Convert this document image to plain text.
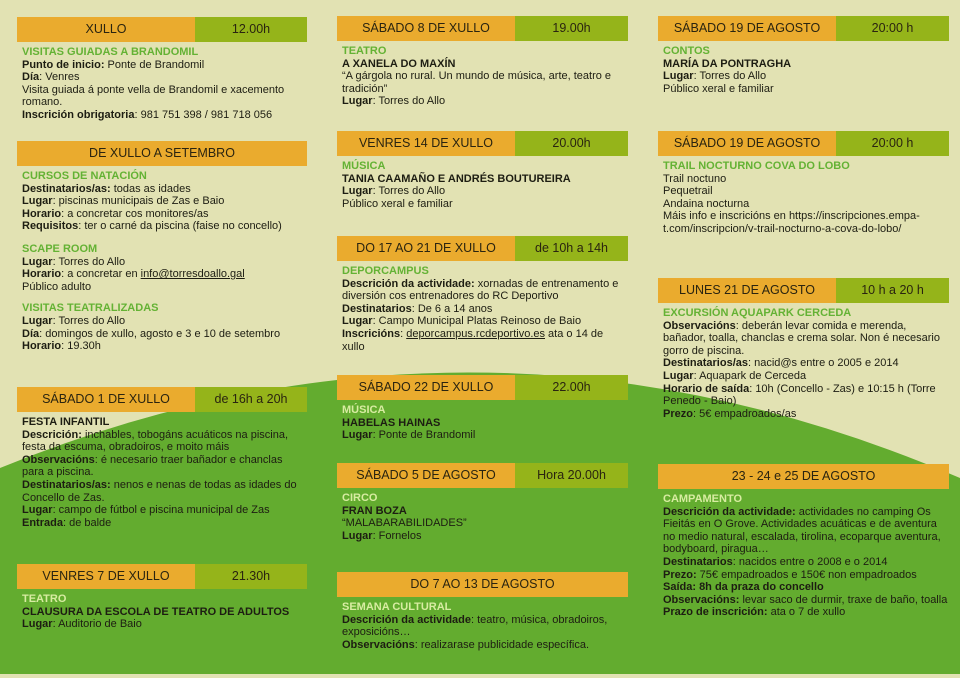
XULLO	12.00h
VISITAS GUIADAS A BRANDOMIL
Punto de inicio: Ponte de Brandomil
Día: Venres
Visita guiada á ponte vella de Brandomil e xacemento romano.
Inscrición obrigatoria: 981 751 398 / 981 718 056
DE XULLO A SETEMBRO
CURSOS DE NATACIÓN
Destinatarios/as: todas as idades
Lugar: piscinas municipais de Zas e Baio
Horario: a concretar cos monitores/as
Requisitos: ter o carné da piscina (faise no concello)
SCAPE ROOM
Lugar: Torres do Allo
Horario: a concretar en info@torresdoallo.gal
Público adulto
VISITAS TEATRALIZADAS
Lugar: Torres do Allo
Día: domingos de xullo, agosto e 3 e 10 de setembro
Horario: 19.30h
SÁBADO 1 DE XULLO	de 16h a 20h
FESTA INFANTIL
Descrición: inchables, tobogáns acuáticos na piscina, festa da escuma, obradoiros, e moito máis
Observacións: é necesario traer bañador e chanclas para a piscina.
Destinatarios/as: nenos e nenas de todas as idades do Concello de Zas.
Lugar: campo de fútbol e piscina municipal de Zas
Entrada: de balde
VENRES 7 DE XULLO	21.30h
TEATRO
CLAUSURA DA ESCOLA DE TEATRO DE ADULTOS
Lugar: Auditorio de Baio
SÁBADO 8 DE XULLO	19.00h
TEATRO
A XANELA DO MAXÍN
“A gárgola no rural. Un mundo de música, arte, teatro e tradición”
Lugar: Torres do Allo
VENRES 14 DE XULLO	20.00h
MÚSICA
TANIA CAAMAÑO E ANDRÉS BOUTUREIRA
Lugar: Torres do Allo
Público xeral e familiar
DO 17 AO 21 DE XULLO	de 10h a 14h
DEPORCAMPUS
Descrición da actividade: xornadas de entrenamento e diversión cos entrenadores do RC Deportivo
Destinatarios: De 6 a 14 anos
Lugar: Campo Municipal Platas Reinoso de Baio
Inscricións: deporcampus.rcdeportivo.es ata o 14 de xullo
SÁBADO 22 DE XULLO	22.00h
MÚSICA
HABELAS HAINAS
Lugar: Ponte de Brandomil
SÁBADO 5 DE AGOSTO	Hora 20.00h
CIRCO
FRAN BOZA
“MALABARABILIDADES”
Lugar: Fornelos
DO 7 AO 13 DE AGOSTO
SEMANA CULTURAL
Descrición da actividade: teatro, música, obradoiros, exposicións…
Observacións: realizarase publicidade específica.
SÁBADO 19 DE AGOSTO	20:00 h
CONTOS
MARÍA DA PONTRAGHA
Lugar: Torres do Allo
Público xeral e familiar
SÁBADO 19 DE AGOSTO	20:00 h
TRAIL NOCTURNO COVA DO LOBO
Trail noctuno
Pequetrail
Andaina nocturna
Máis info e inscricións en https://inscripciones.empa-t.com/inscripcion/v-trail-nocturno-a-cova-do-lobo/
LUNES 21 DE AGOSTO	10 h a 20 h
EXCURSIÓN AQUAPARK CERCEDA
Observacións: deberán levar comida e merenda, bañador, toalla, chanclas e crema solar. Non é necesario gorro de piscina.
Destinatarios/as: nacid@s entre o 2005 e 2014
Lugar: Aquapark de Cerceda
Horario de saída: 10h (Concello - Zas) e 10:15 h (Torre Penedo - Baio)
Prezo: 5€ empadroados/as
23 - 24 e 25 DE AGOSTO
CAMPAMENTO
Descrición da actividade: actividades no camping Os Fieitás en O Grove. Actividades acuáticas e de aventura no medio natural, escalada, tirolina, ecoparque aventura, bodyboard, piragua…
Destinatarios: nacidos entre o 2008 e o 2014
Prezo: 75€ empadroados e 150€ non empadroados
Saída: 8h da praza do concello
Observacións: levar saco de durmir, traxe de baño, toalla
Prazo de inscrición: ata o 7 de xullo
